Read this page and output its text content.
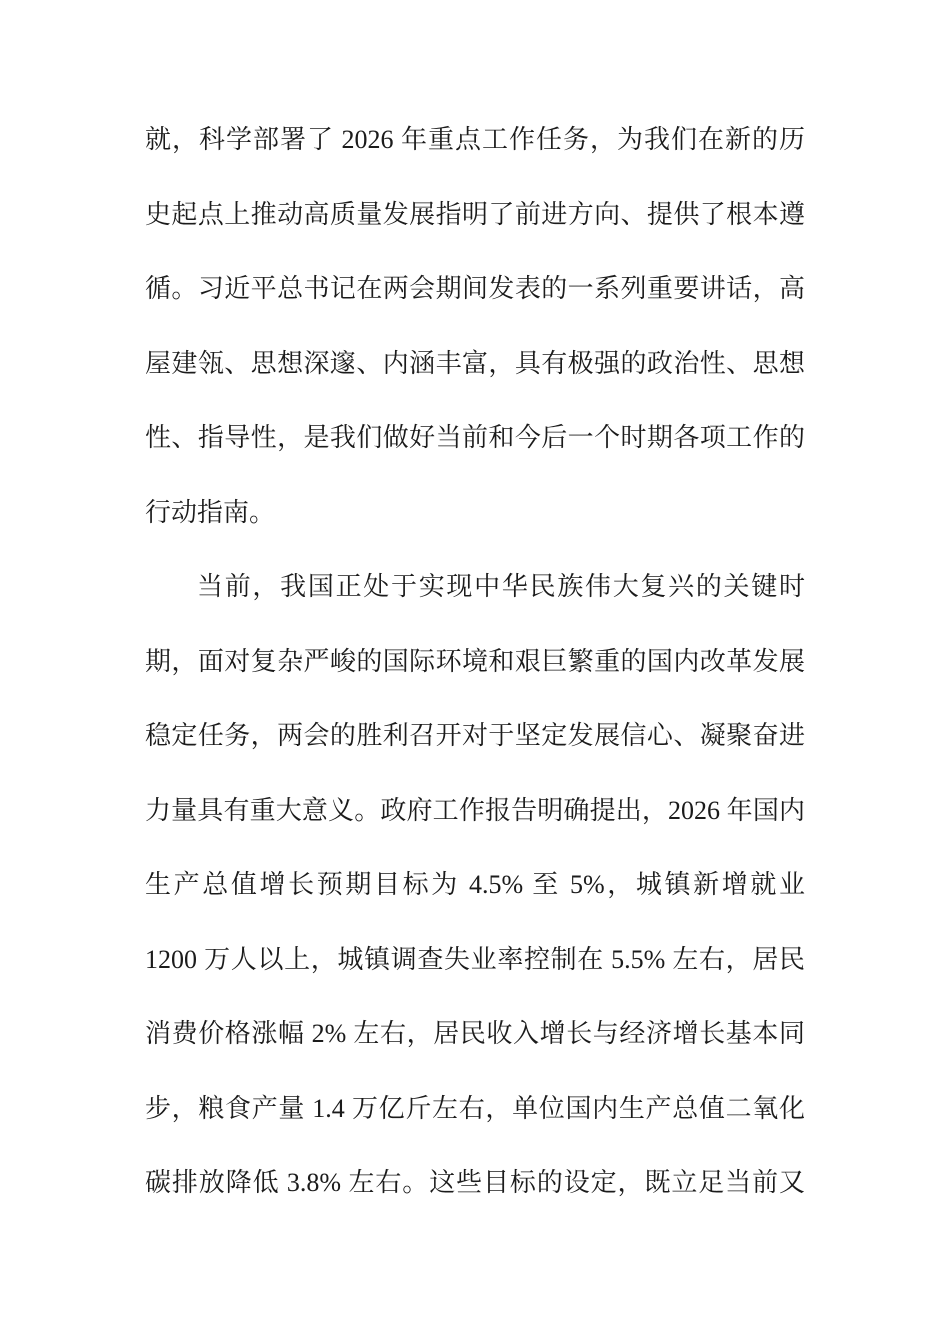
就，科学部署了 2026 年重点工作任务，为我们在新的历
史起点上推动高质量发展指明了前进方向、提供了根本遵
循。习近平总书记在两会期间发表的一系列重要讲话，高
屋建瓴、思想深邃、内涵丰富，具有极强的政治性、思想
性、指导性，是我们做好当前和今后一个时期各项工作的
行动指南。
当前，我国正处于实现中华民族伟大复兴的关键时
期，面对复杂严峻的国际环境和艰巨繁重的国内改革发展
稳定任务，两会的胜利召开对于坚定发展信心、凝聚奋进
力量具有重大意义。政府工作报告明确提出，2026 年国内
生产总值增长预期目标为 4.5% 至 5%，城镇新增就业
1200 万人以上，城镇调查失业率控制在 5.5% 左右，居民
消费价格涨幅 2% 左右，居民收入增长与经济增长基本同
步，粮食产量 1.4 万亿斤左右，单位国内生产总值二氧化
碳排放降低 3.8% 左右。这些目标的设定，既立足当前又
